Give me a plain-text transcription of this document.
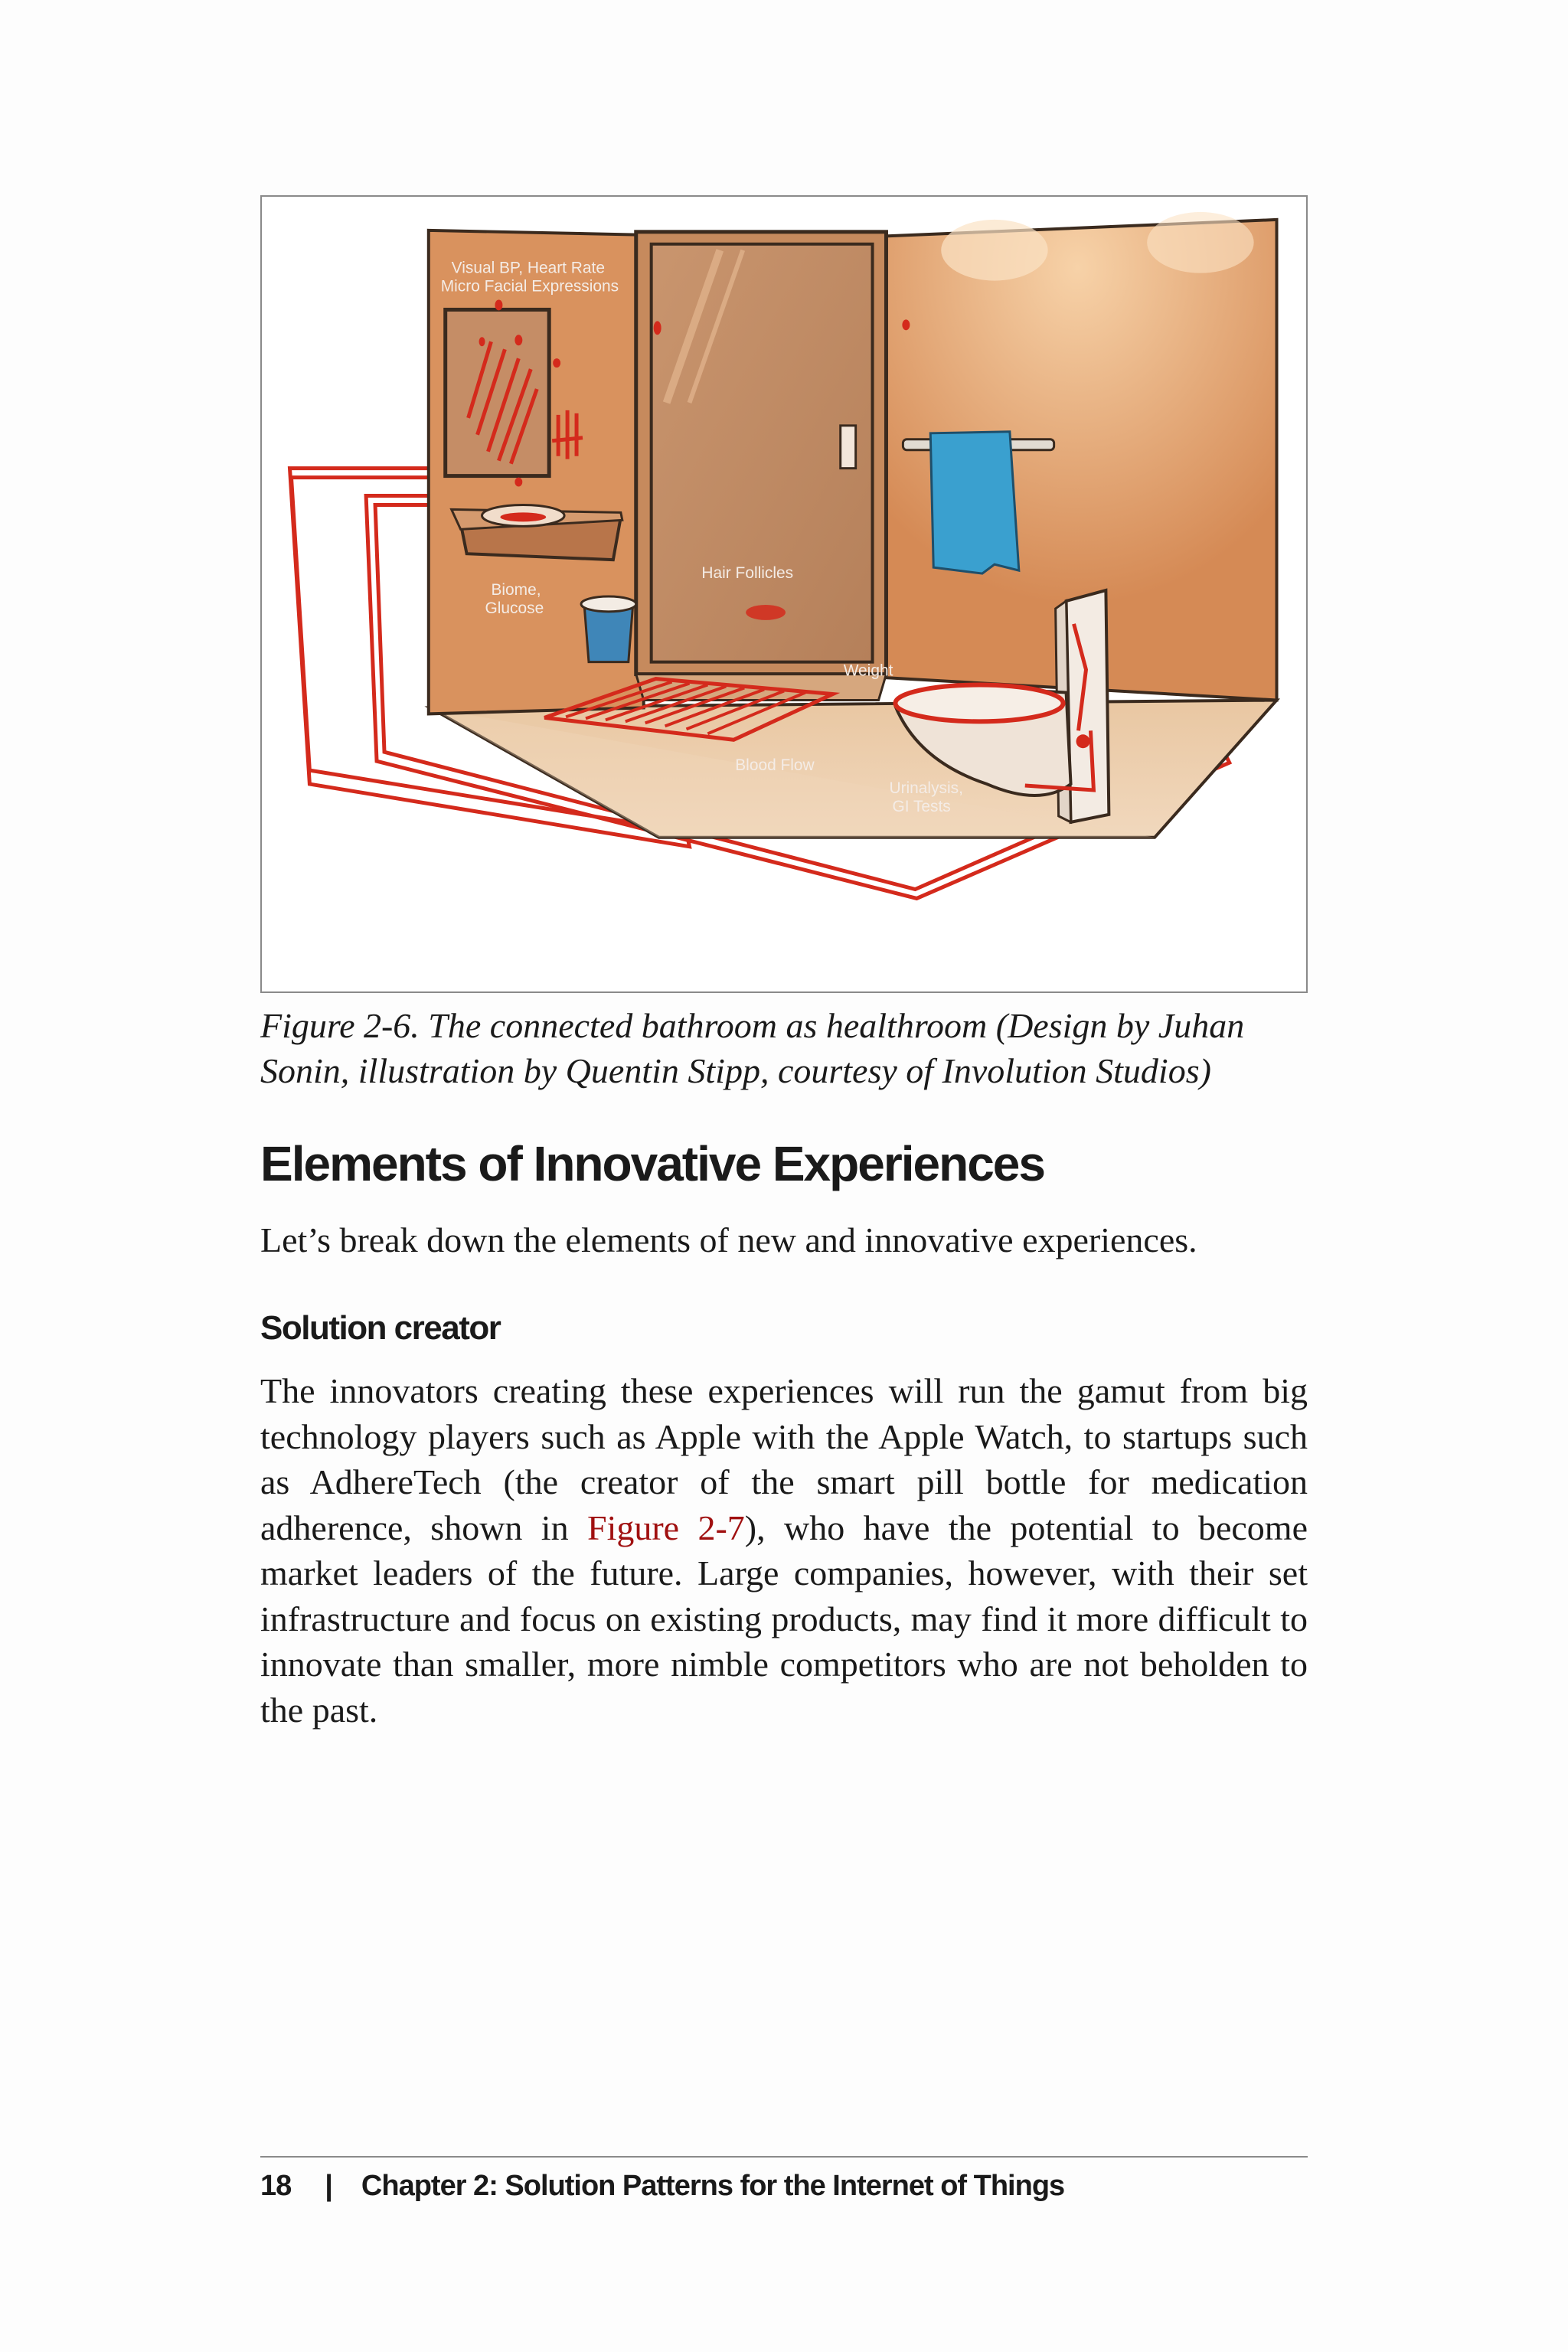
Visual BP, Heart Rate
Micro Facial Expressions
Hair Follicles
Biome,
Glucose
Weight
Blood Flow
Urinalysis,
GI Tests
Figure 2-6. The connected bathroom as healthroom (Design by Juhan Sonin, illustration by Quentin Stipp, courtesy of Involution Studios)
Elements of Innovative Experiences
Let’s break down the elements of new and innovative experiences.
Solution creator
The innovators creating these experiences will run the gamut from big technology players such as Apple with the Apple Watch, to startups such as AdhereTech (the creator of the smart pill bottle for medication adherence, shown in Figure 2-7), who have the potential to become market leaders of the future. Large companies, however, with their set infrastructure and focus on existing products, may find it more difficult to innovate than smaller, more nimble competitors who are not beholden to the past.
18 | Chapter 2: Solution Patterns for the Internet of Things
